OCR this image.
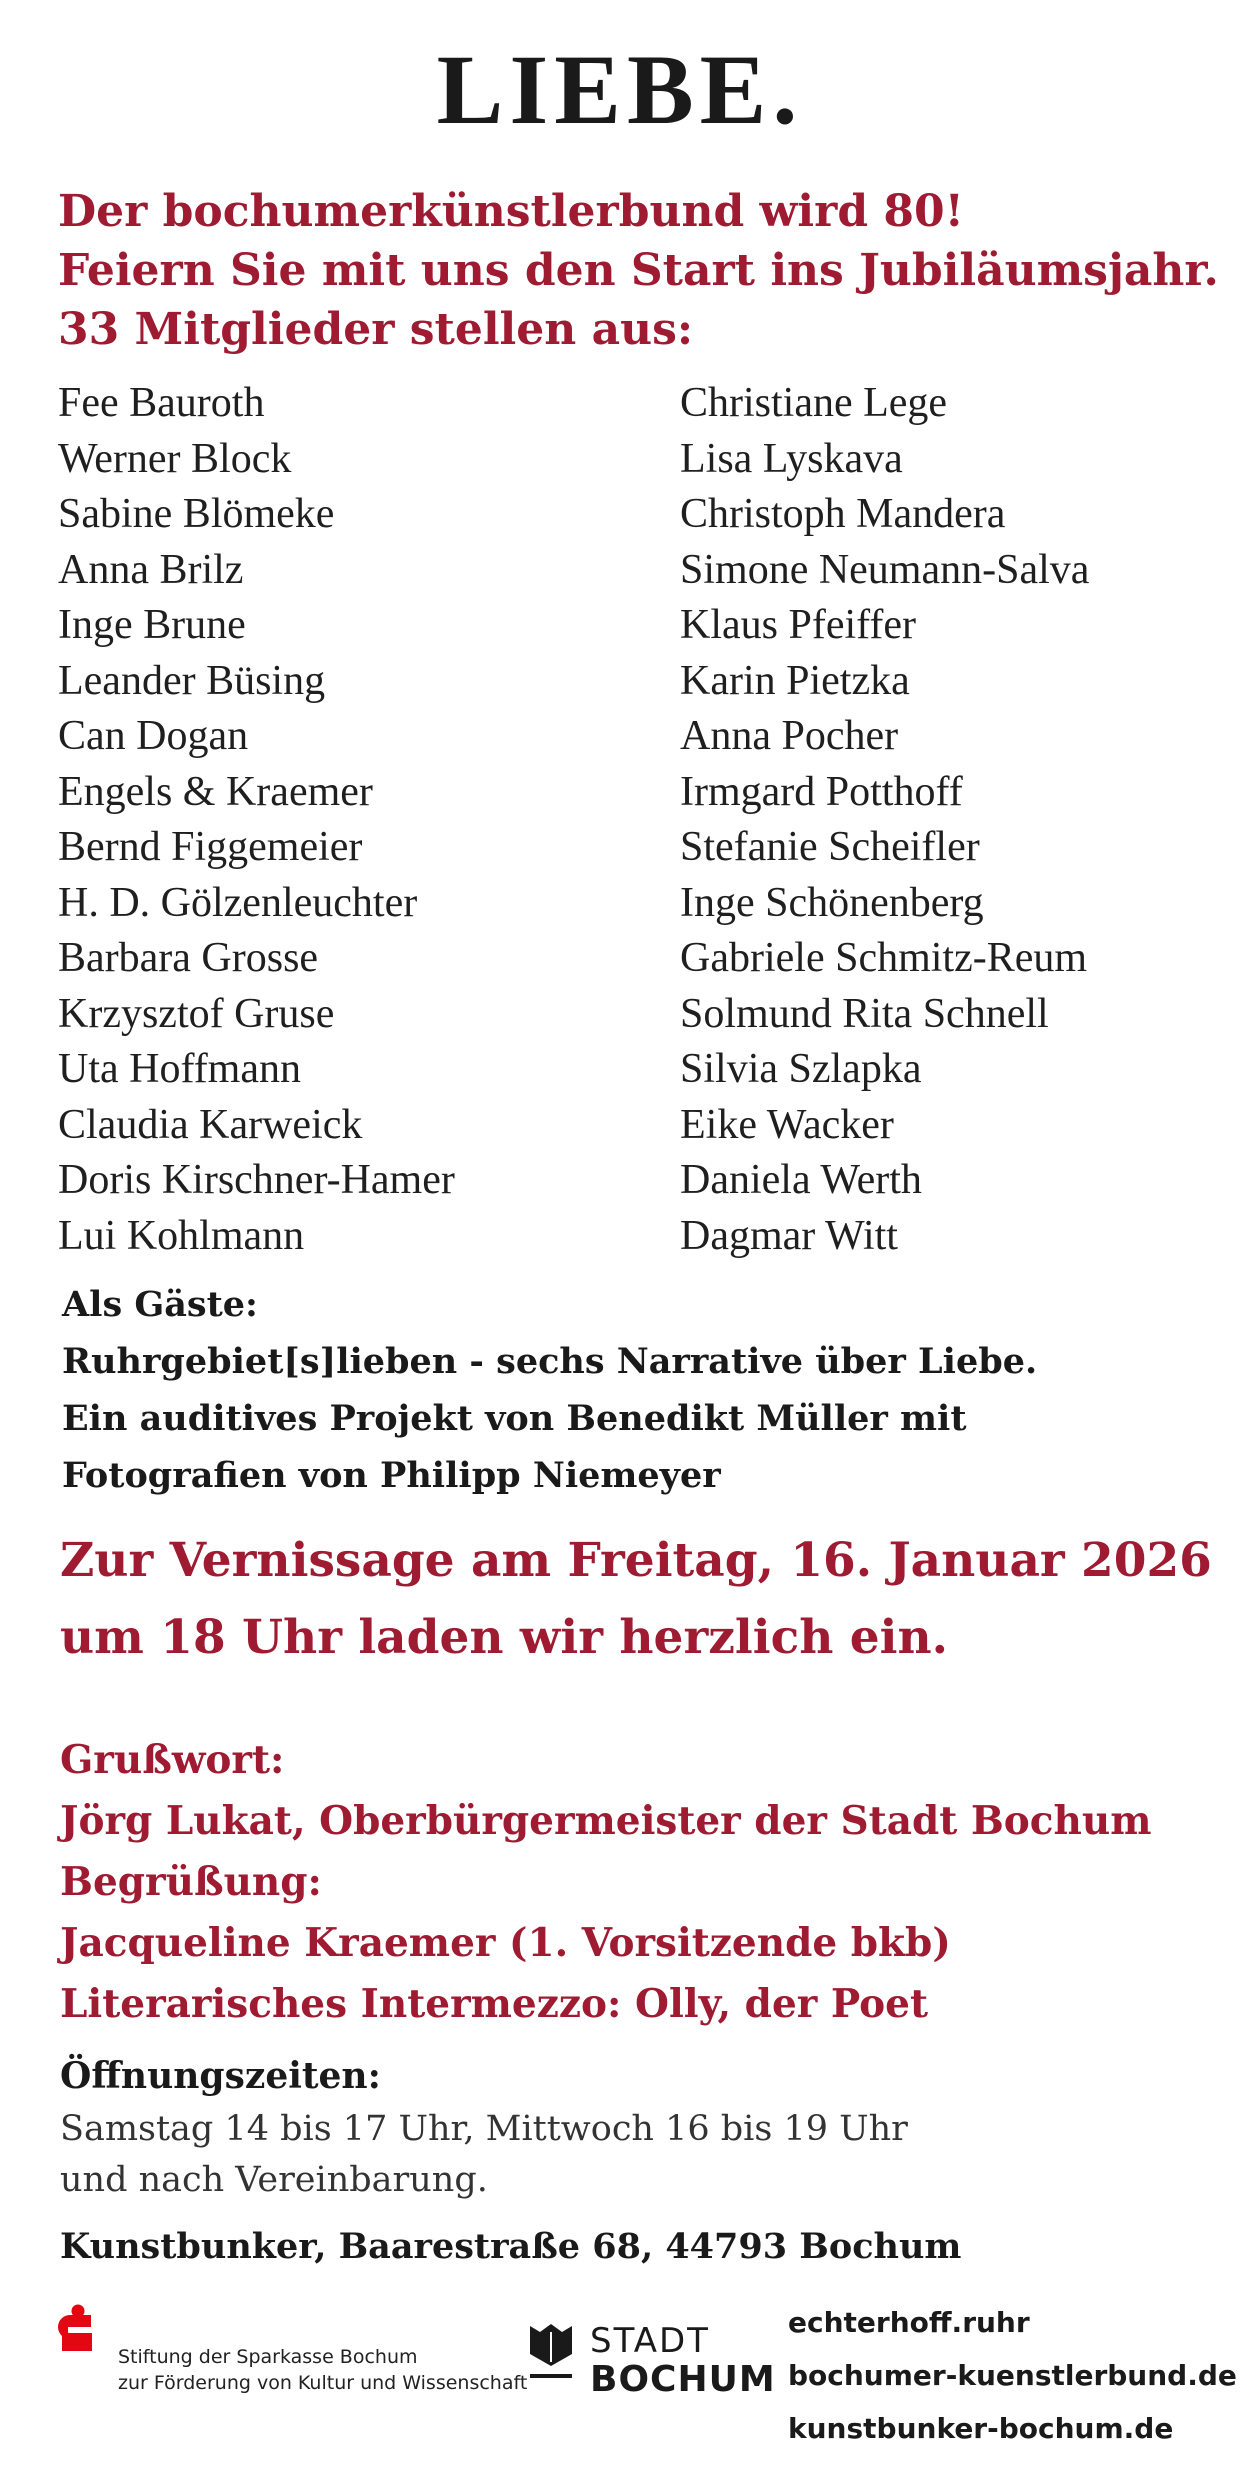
LIEBE.
Der bochumerkünstlerbund wird 80!
Feiern Sie mit uns den Start ins Jubiläumsjahr.
33 Mitglieder stellen aus:
Fee Bauroth
Werner Block
Sabine Blömeke
Anna Brilz
Inge Brune
Leander Büsing
Can Dogan
Engels & Kraemer
Bernd Figgemeier
H. D. Gölzenleuchter
Barbara Grosse
Krzysztof Gruse
Uta Hoffmann
Claudia Karweick
Doris Kirschner-Hamer
Lui Kohlmann
Christiane Lege
Lisa Lyskava
Christoph Mandera
Simone Neumann-Salva
Klaus Pfeiffer
Karin Pietzka
Anna Pocher
Irmgard Potthoff
Stefanie Scheifler
Inge Schönenberg
Gabriele Schmitz-Reum
Solmund Rita Schnell
Silvia Szlapka
Eike Wacker
Daniela Werth
Dagmar Witt
Als Gäste:
Ruhrgebiet[s]lieben - sechs Narrative über Liebe.
Ein auditives Projekt von Benedikt Müller mit
Fotografien von Philipp Niemeyer
Zur Vernissage am Freitag, 16. Januar 2026
um 18 Uhr laden wir herzlich ein.
Grußwort:
Jörg Lukat, Oberbürgermeister der Stadt Bochum
Begrüßung:
Jacqueline Kraemer (1. Vorsitzende bkb)
Literarisches Intermezzo: Olly, der Poet
Öffnungszeiten:
Samstag 14 bis 17 Uhr, Mittwoch 16 bis 19 Uhr
und nach Vereinbarung.
Kunstbunker, Baarestraße 68, 44793 Bochum
Stiftung der Sparkasse Bochum
zur Förderung von Kultur und Wissenschaft
STADT
BOCHUM
echterhoff.ruhr
bochumer-kuenstlerbund.de
kunstbunker-bochum.de
